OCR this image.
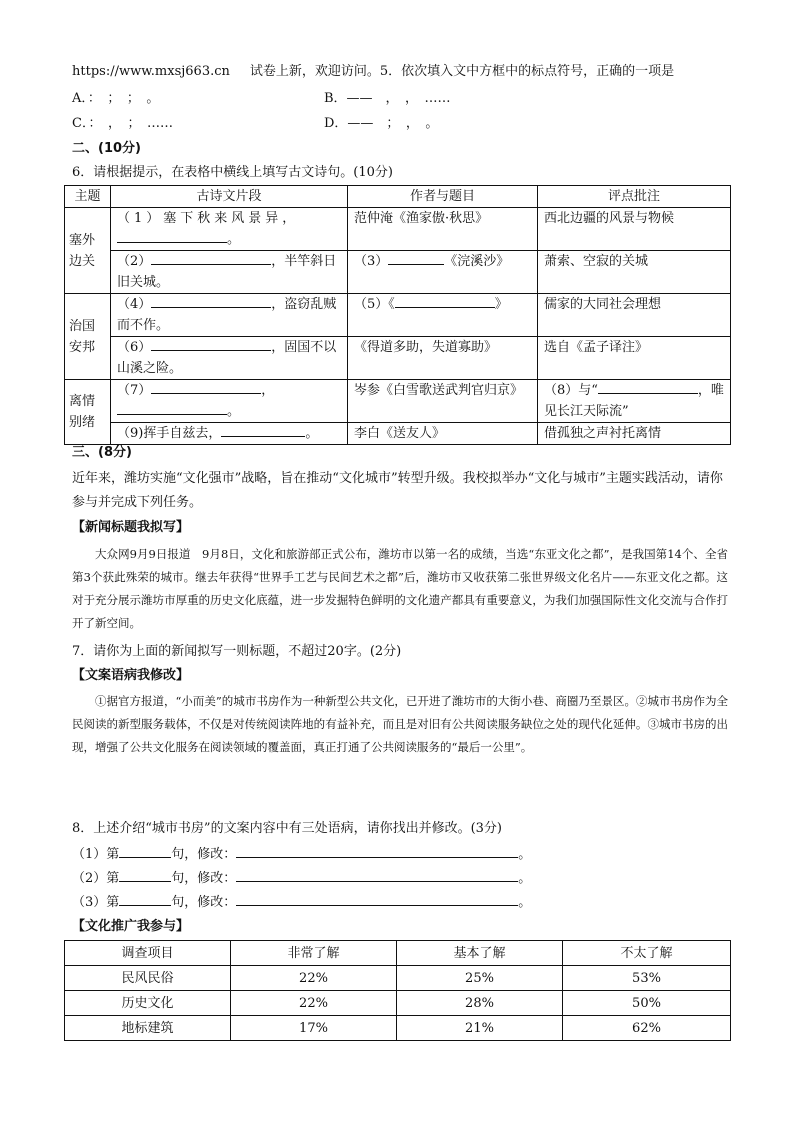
https://www.mxsj663.cn 试卷上新，欢迎访问。5．依次填入文中方框中的标点符号，正确的一项是
A．：　；　；　。	B．——　，　，　……
C．：　，　；　……	D．——　；　，　。
二、(10分)
6．请根据提示，在表格中横线上填写古文诗句。(10分)
主题	古诗文片段	作者与题目	评点批注
塞外边关	（1）塞下秋来风景异，
。	范仲淹《渔家傲·秋思》	西北边疆的风景与物候
	（2） ，半竿斜日旧关城。	（3） 《浣溪沙》	萧索、空寂的关城
治国安邦	（4） ，盗窃乱贼而不作。	（5）《 》	儒家的大同社会理想
	（6） ，固国不以山溪之险。	《得道多助，失道寡助》	选自《孟子译注》
离情别绪	（7） ，
。	岑参《白雪歌送武判官归京》	（8）与“ ，唯见长江天际流”
	（9)挥手自兹去， 。	李白《送友人》	借孤独之声衬托离情
三、(8分)
近年来，潍坊实施“文化强市”战略，旨在推动“文化城市”转型升级。我校拟举办“文化与城市”主题实践活动，请你参与并完成下列任务。
【新闻标题我拟写】
大众网9月9日报道　9月8日，文化和旅游部正式公布，潍坊市以第一名的成绩，当选“东亚文化之都”，是我国第14个、全省第3个获此殊荣的城市。继去年获得“世界手工艺与民间艺术之都”后，潍坊市又收获第二张世界级文化名片——东亚文化之都。这对于充分展示潍坊市厚重的历史文化底蕴，进一步发掘特色鲜明的文化遗产都具有重要意义，为我们加强国际性文化交流与合作打开了新空间。
7．请你为上面的新闻拟写一则标题，不超过20字。(2分)
【文案语病我修改】
①据官方报道，“小而美”的城市书房作为一种新型公共文化，已开进了潍坊市的大街小巷、商圈乃至景区。②城市书房作为全民阅读的新型服务载体，不仅是对传统阅读阵地的有益补充，而且是对旧有公共阅读服务缺位之处的现代化延伸。③城市书房的出现，增强了公共文化服务在阅读领域的覆盖面，真正打通了公共阅读服务的“最后一公里”。
8．上述介绍“城市书房”的文案内容中有三处语病，请你找出并修改。(3分)
（1）第	句，修改：	。
（2）第	句，修改：	。
（3）第	句，修改：	。
【文化推广我参与】
调查项目	非常了解	基本了解	不太了解
民风民俗	22%	25%	53%
历史文化	22%	28%	50%
地标建筑	17%	21%	62%
